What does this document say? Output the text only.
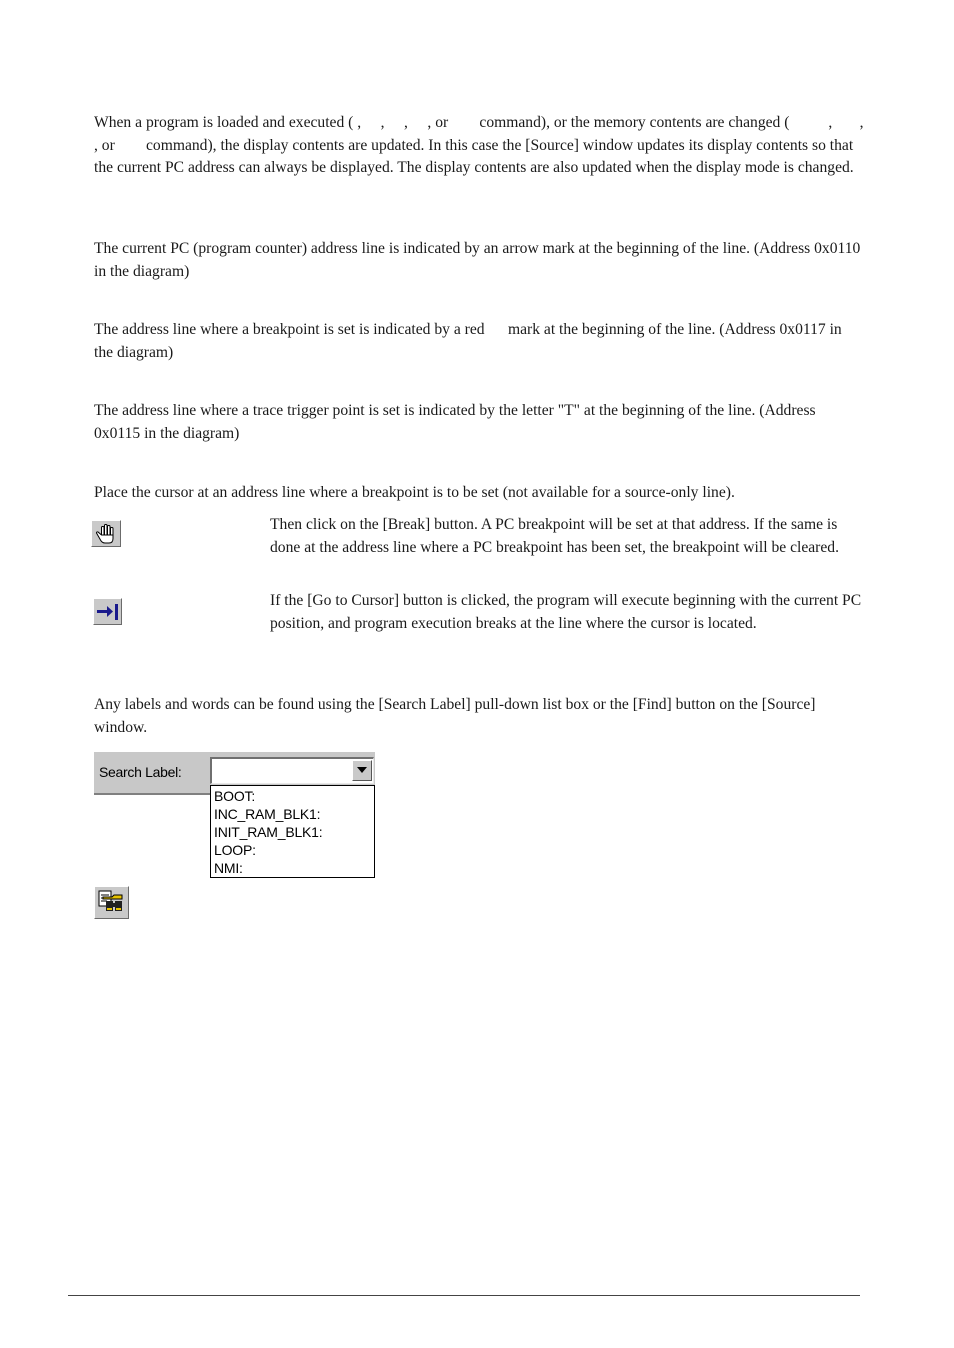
When a program is loaded and executed ( ,     ,     ,     , or        command), or the memory contents are changed (          ,       ,     , or        command), the display contents are updated. In this case the [Source] window updates its display contents so that the current PC address can always be displayed. The display contents are also updated when the display mode is changed.

The current PC (program counter) address line is indicated by an arrow mark at the beginning of the line. (Address 0x0110 in the diagram)

The address line where a breakpoint is set is indicated by a red      mark at the beginning of the line. (Address 0x0117 in the diagram)

The address line where a trace trigger point is set is indicated by the letter "T" at the beginning of the line. (Address 0x0115 in the diagram)

Place the cursor at an address line where a breakpoint is to be set (not available for a source-only line).

Then click on the [Break] button. A PC breakpoint will be set at that address. If the same is done at the address line where a PC breakpoint has been set, the breakpoint will be cleared.

If the [Go to Cursor] button is clicked, the program will execute beginning with the current PC position, and program execution breaks at the line where the cursor is located.

Any labels and words can be found using the [Search Label] pull-down list box or the [Find] button on the [Source] window.

Search Label:
BOOT:
INC_RAM_BLK1:
INIT_RAM_BLK1:
LOOP:
NMI:
